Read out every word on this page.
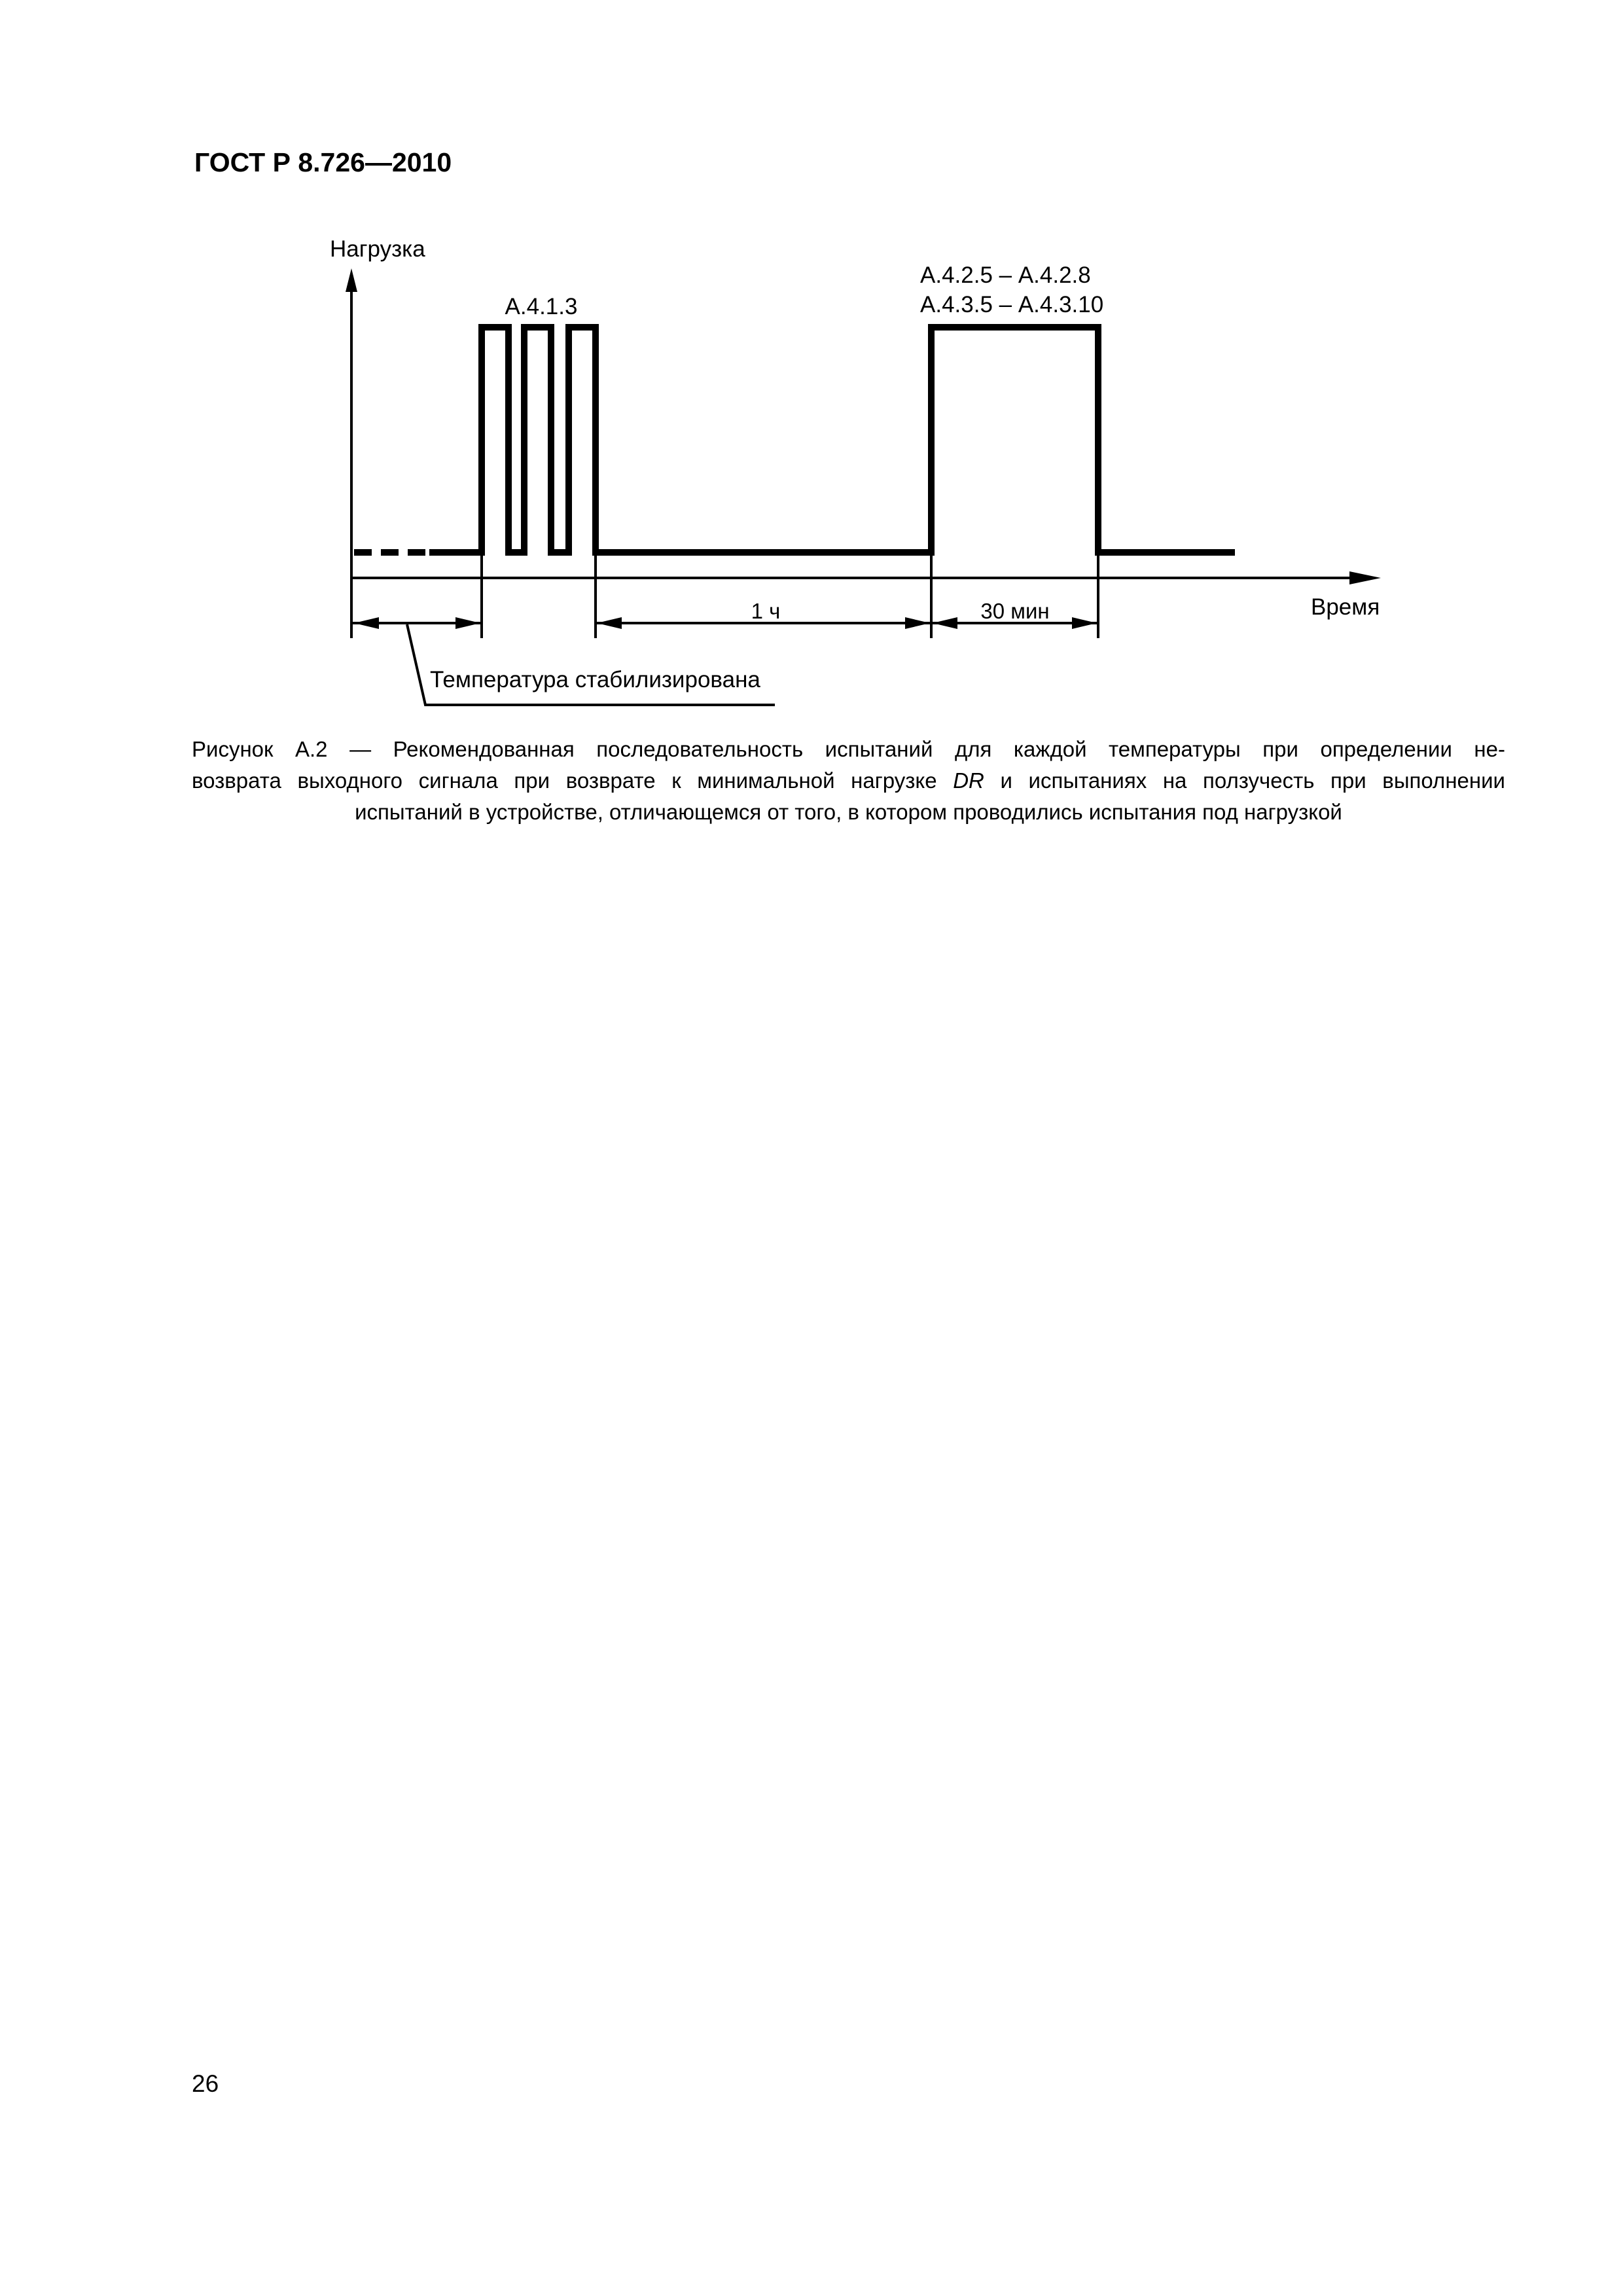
ГОСТ Р 8.726—2010
Нагрузка
А.4.1.3
А.4.2.5 – А.4.2.8
А.4.3.5 – А.4.3.10
1 ч	30 мин	Время
Температура стабилизирована
Рисунок А.2 — Рекомендованная последовательность испытаний для каждой температуры при определении не-
возврата выходного сигнала при возврате к минимальной нагрузке DR и испытаниях на ползучесть при выполнении
испытаний в устройстве, отличающемся от того, в котором проводились испытания под нагрузкой
26
